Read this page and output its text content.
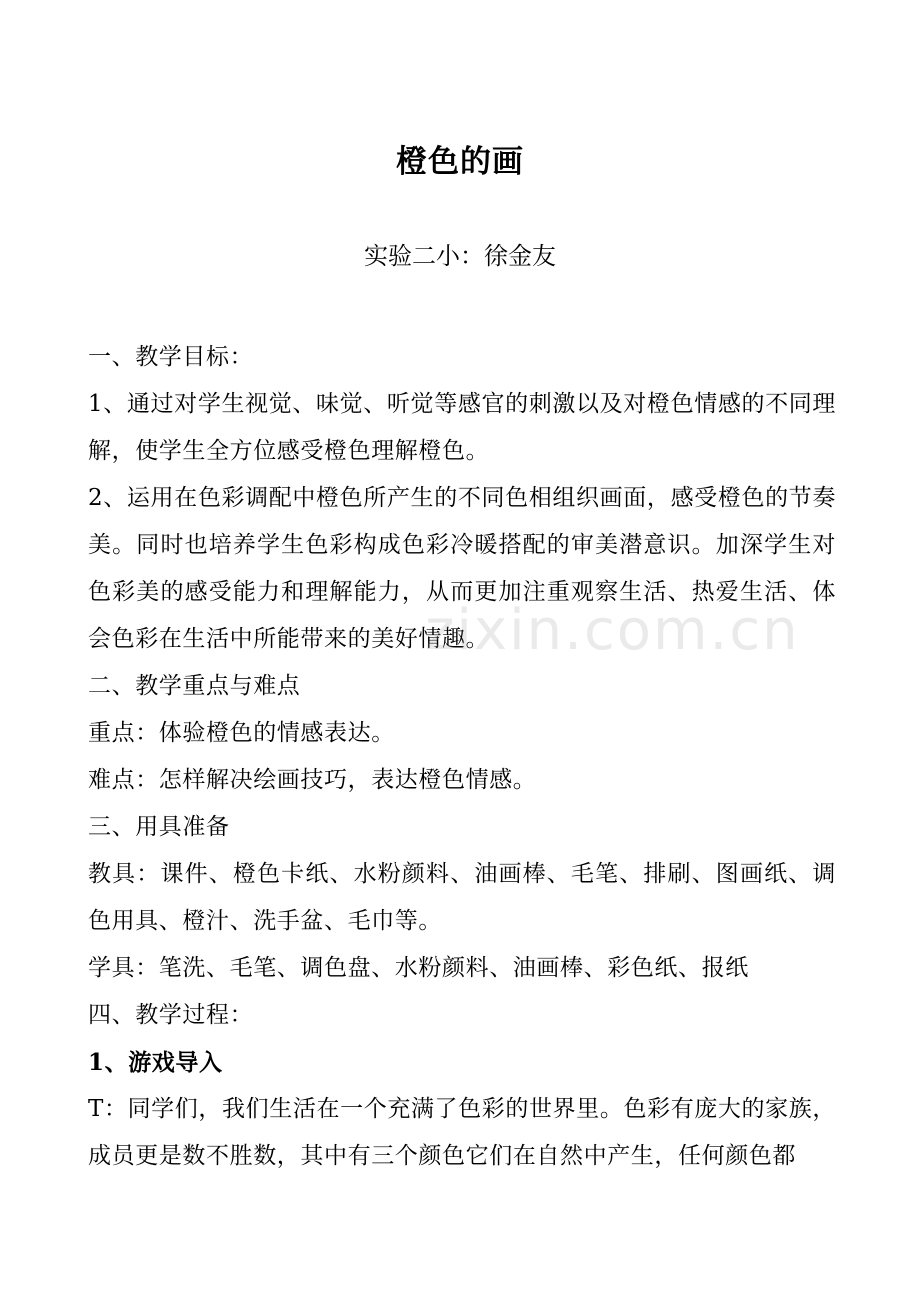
橙色的画
实验二小：徐金友

一、教学目标：

1、通过对学生视觉、味觉、听觉等感官的刺激以及对橙色情感的不同理解，使学生全方位感受橙色理解橙色。

2、运用在色彩调配中橙色所产生的不同色相组织画面，感受橙色的节奏美。同时也培养学生色彩构成色彩冷暖搭配的审美潜意识。加深学生对色彩美的感受能力和理解能力，从而更加注重观察生活、热爱生活、体会色彩在生活中所能带来的美好情趣。

二、教学重点与难点

重点：体验橙色的情感表达。

难点：怎样解决绘画技巧，表达橙色情感。

三、用具准备

教具：课件、橙色卡纸、水粉颜料、油画棒、毛笔、排刷、图画纸、调色用具、橙汁、洗手盆、毛巾等。

学具：笔洗、毛笔、调色盘、水粉颜料、油画棒、彩色纸、报纸

四、教学过程：

1、游戏导入

T：同学们，我们生活在一个充满了色彩的世界里。色彩有庞大的家族，成员更是数不胜数，其中有三个颜色它们在自然中产生，任何颜色都

zixin.com.cn
